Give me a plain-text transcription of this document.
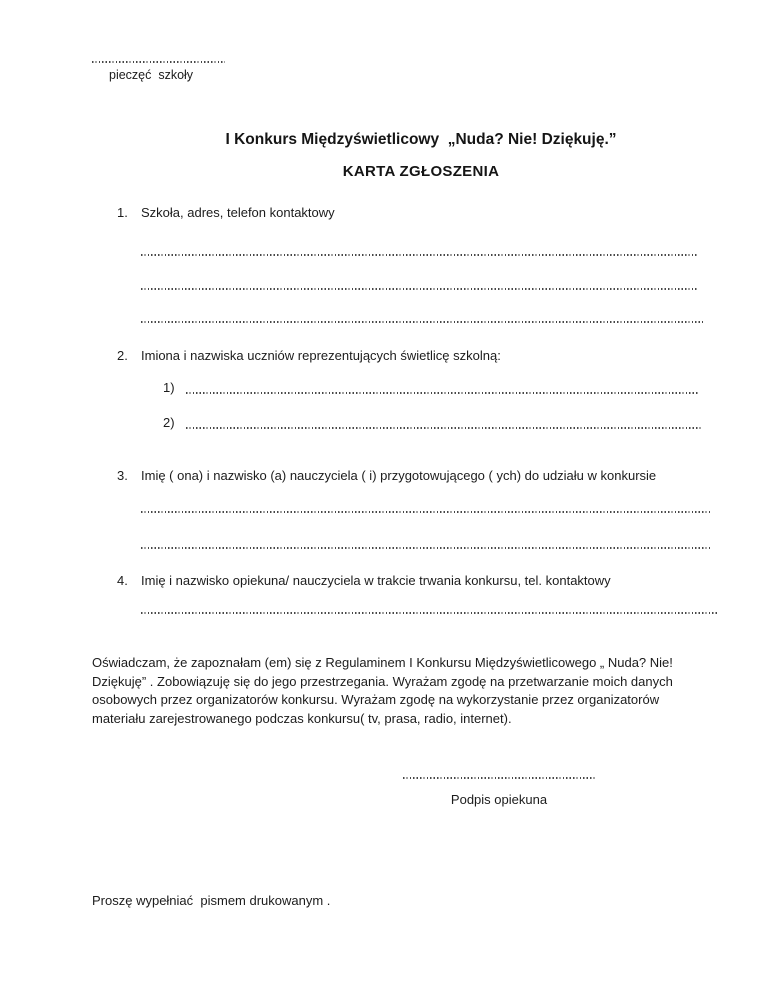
pieczęć  szkoły
I Konkurs Międzyświetlicowy  „Nuda? Nie! Dziękuję.”
KARTA ZGŁOSZENIA
1. Szkoła, adres, telefon kontaktowy
2. Imiona i nazwiska uczniów reprezentujących świetlicę szkolną:
1)
2)
3. Imię ( ona) i nazwisko (a) nauczyciela ( i) przygotowującego ( ych) do udziału w konkursie
4. Imię i nazwisko opiekuna/ nauczyciela w trakcie trwania konkursu, tel. kontaktowy
Oświadczam, że zapoznałam (em) się z Regulaminem I Konkursu Międzyświetlicowego „ Nuda? Nie! Dziękuję” . Zobowiązuję się do jego przestrzegania. Wyrażam zgodę na przetwarzanie moich danych osobowych przez organizatorów konkursu. Wyrażam zgodę na wykorzystanie przez organizatorów materiału zarejestrowanego podczas konkursu( tv, prasa, radio, internet).
Podpis opiekuna
Proszę wypełniać  pismem drukowanym .
